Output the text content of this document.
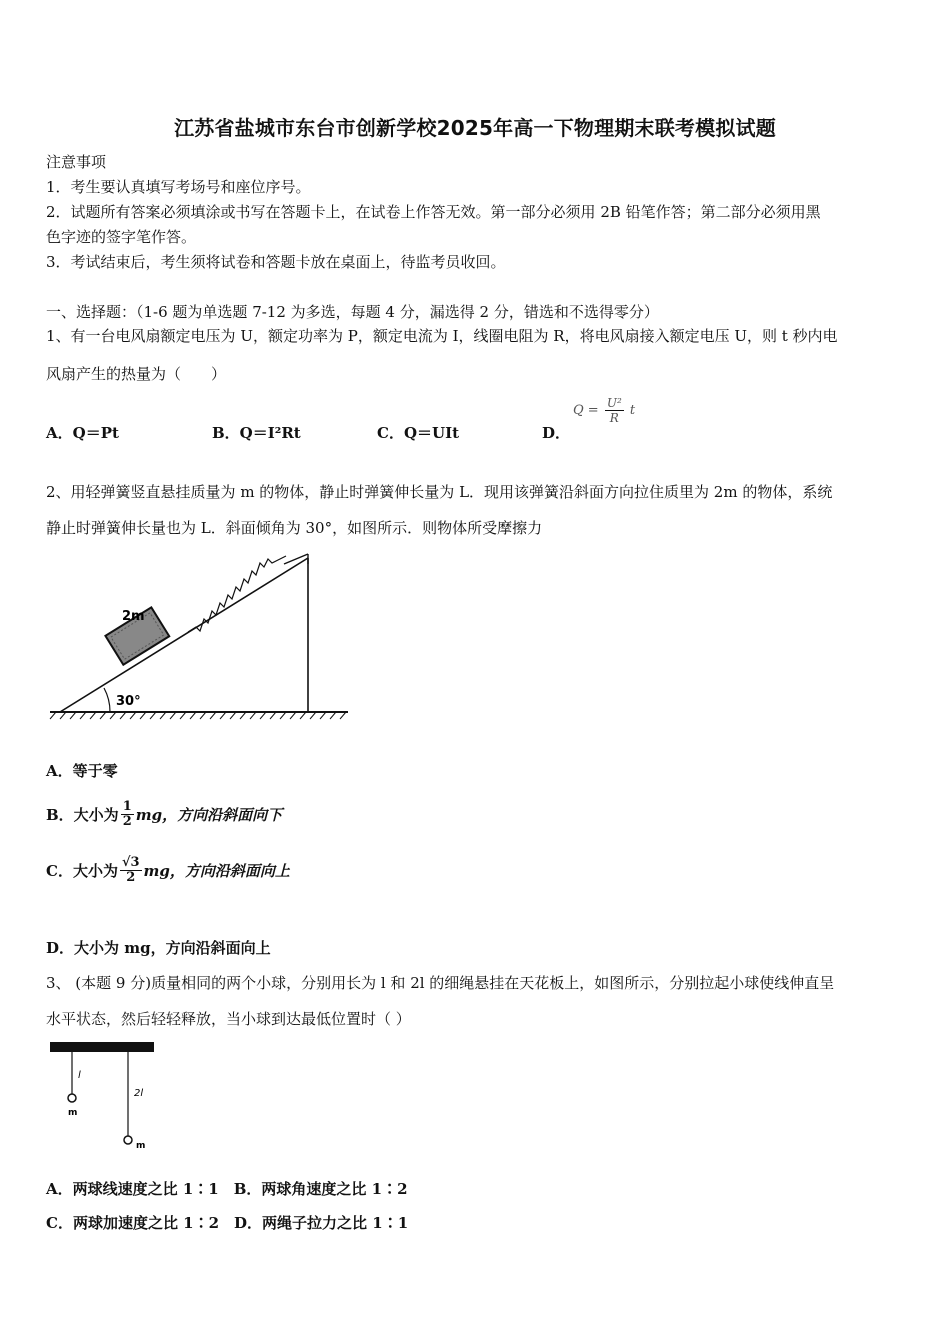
江苏省盐城市东台市创新学校2025年高一下物理期末联考模拟试题
注意事项
1．考生要认真填写考场号和座位序号。
2．试题所有答案必须填涂或书写在答题卡上，在试卷上作答无效。第一部分必须用 2B 铅笔作答；第二部分必须用黑
色字迹的签字笔作答。
3．考试结束后，考生须将试卷和答题卡放在桌面上，待监考员收回。
一、选择题：（1-6 题为单选题 7-12 为多选，每题 4 分，漏选得 2 分，错选和不选得零分）
1、有一台电风扇额定电压为 U，额定功率为 P，额定电流为 I，线圈电阻为 R，将电风扇接入额定电压 U，则 t 秒内电
风扇产生的热量为（　　）
A．Q＝Pt	B．Q＝I²Rt	C．Q＝UIt	D．
$Q = \frac{\text{U²}}{R}$ t
2、用轻弹簧竖直悬挂质量为 m 的物体，静止时弹簧伸长量为 L．现用该弹簧沿斜面方向拉住质里为 2m 的物体，系统
静止时弹簧伸长量也为 L．斜面倾角为 30°，如图所示．则物体所受摩擦力
30°
2m
A．等于零
B．大小为 $\frac{1}{2}$ mg，方向沿斜面向下
C．大小为 $\frac{√3}{2}$ mg，方向沿斜面向上
D．大小为 mg，方向沿斜面向上
3、 (本题 9 分)质量相同的两个小球，分别用长为 l 和 2l 的细绳悬挂在天花板上，如图所示，分别拉起小球使线伸直呈
水平状态，然后轻轻释放，当小球到达最低位置时（ ）
l
2l
m
m
A．两球线速度之比 1∶1　B．两球角速度之比 1∶2
C．两球加速度之比 1∶2　D．两绳子拉力之比 1∶1
